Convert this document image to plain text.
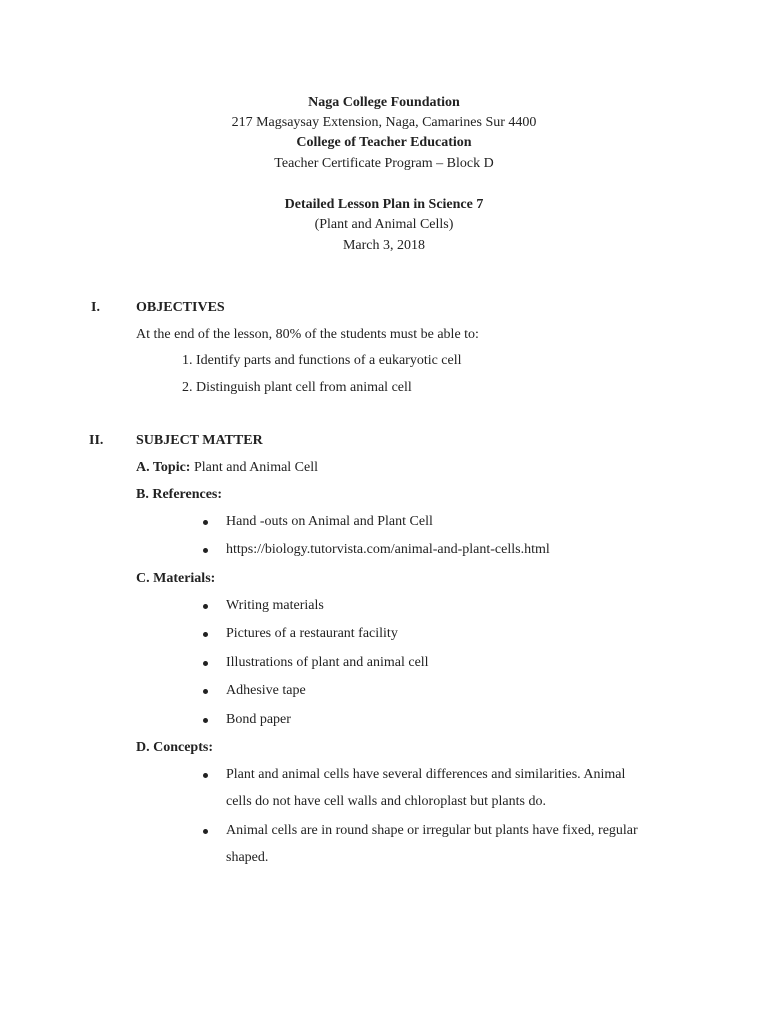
Naga College Foundation
217 Magsaysay Extension, Naga, Camarines Sur 4400
College of Teacher Education
Teacher Certificate Program – Block D
Detailed Lesson Plan in Science 7
(Plant and Animal Cells)
March 3, 2018
I.	OBJECTIVES
At the end of the lesson, 80% of the students must be able to:
1. Identify parts and functions of a eukaryotic cell
2. Distinguish plant cell from animal cell
II. SUBJECT MATTER
A. Topic: Plant and Animal Cell
B. References:
Hand -outs on Animal and Plant Cell
https://biology.tutorvista.com/animal-and-plant-cells.html
C. Materials:
Writing materials
Pictures of a restaurant facility
Illustrations of plant and animal cell
Adhesive tape
Bond paper
D. Concepts:
Plant and animal cells have several differences and similarities. Animal
cells do not have cell walls and chloroplast but plants do.
Animal cells are in round shape or irregular but plants have fixed, regular
shaped.
